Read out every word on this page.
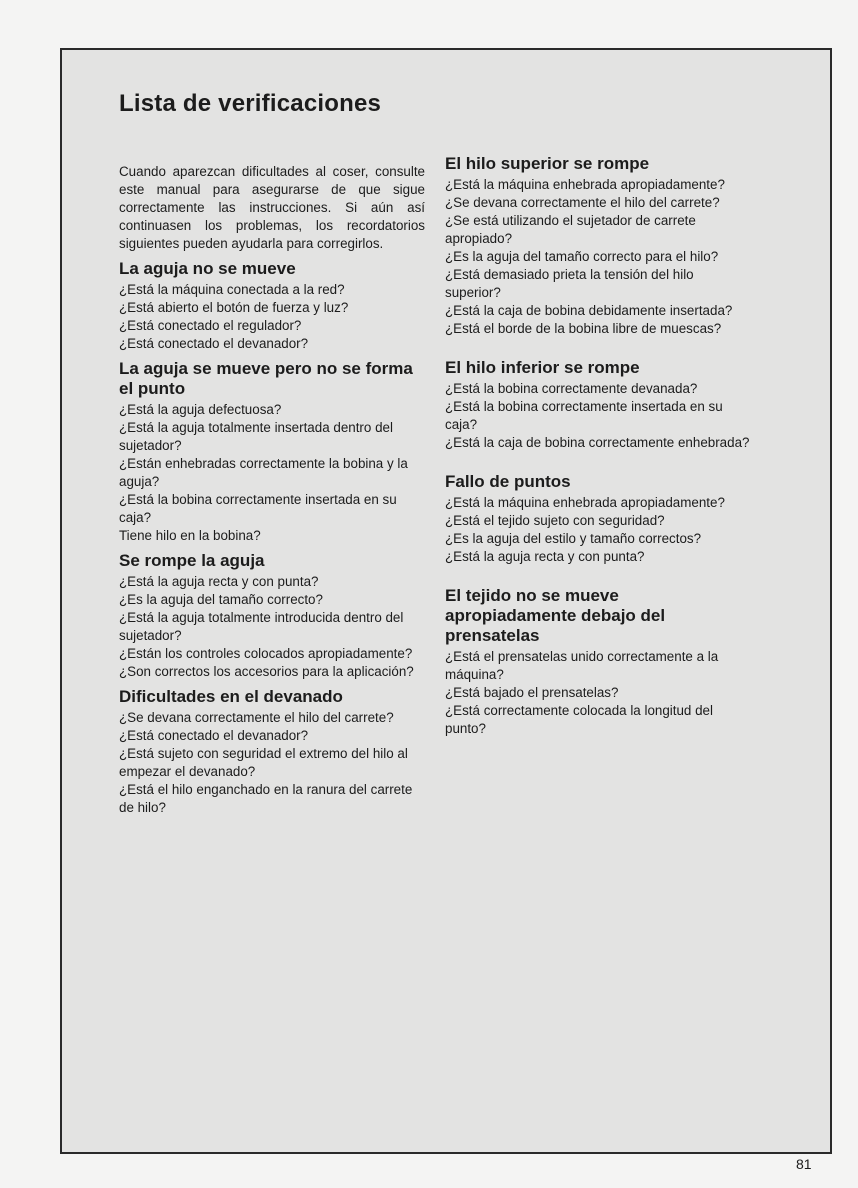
Lista de verificaciones

Cuando aparezcan dificultades al coser, consulte este manual para asegurarse de que sigue correctamente las instrucciones. Si aún así continuasen los problemas, los recordatorios siguientes pueden ayudarla para corregirlos.

La aguja no se mueve
¿Está la máquina conectada a la red?
¿Está abierto el botón de fuerza y luz?
¿Está conectado el regulador?
¿Está conectado el devanador?
La aguja se mueve pero no se forma el punto
¿Está la aguja defectuosa?
¿Está la aguja totalmente insertada dentro del sujetador?
¿Están enhebradas correctamente la bobina y la aguja?
¿Está la bobina correctamente insertada en su caja?
Tiene hilo en la bobina?
Se rompe la aguja
¿Está la aguja recta y con punta?
¿Es la aguja del tamaño correcto?
¿Está la aguja totalmente introducida dentro del sujetador?
¿Están los controles colocados apropiadamente?
¿Son correctos los accesorios para la aplicación?
Dificultades en el devanado
¿Se devana correctamente el hilo del carrete?
¿Está conectado el devanador?
¿Está sujeto con seguridad el extremo del hilo al empezar el devanado?
¿Está el hilo enganchado en la ranura del carrete de hilo?
El hilo superior se rompe
¿Está la máquina enhebrada apropiadamente?
¿Se devana correctamente el hilo del carrete?
¿Se está utilizando el sujetador de carrete apropiado?
¿Es la aguja del tamaño correcto para el hilo?
¿Está demasiado prieta la tensión del hilo superior?
¿Está la caja de bobina debidamente insertada?
¿Está el borde de la bobina libre de muescas?
El hilo inferior se rompe
¿Está la bobina correctamente devanada?
¿Está la bobina correctamente insertada en su caja?
¿Está la caja de bobina correctamente enhebrada?
Fallo de puntos
¿Está la máquina enhebrada apropiadamente?
¿Está el tejido sujeto con seguridad?
¿Es la aguja del estilo y tamaño correctos?
¿Está la aguja recta y con punta?
El tejido no se mueve apropiadamente debajo del prensatelas
¿Está el prensatelas unido correctamente a la máquina?
¿Está bajado el prensatelas?
¿Está correctamente colocada la longitud del punto?
81
